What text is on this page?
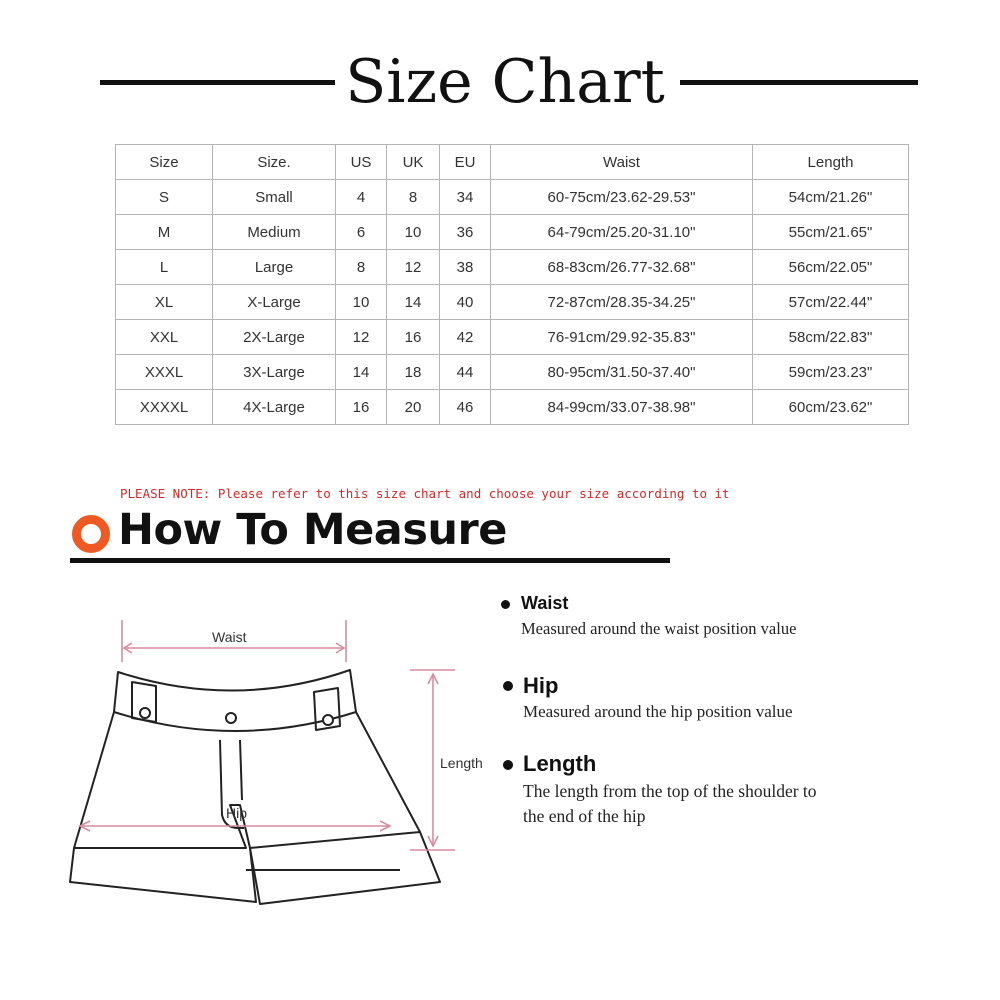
Size Chart
Size	Size.	US	UK	EU	Waist	Length
S	Small	4	8	34	60-75cm/23.62-29.53"	54cm/21.26"
M	Medium	6	10	36	64-79cm/25.20-31.10"	55cm/21.65"
L	Large	8	12	38	68-83cm/26.77-32.68"	56cm/22.05"
XL	X-Large	10	14	40	72-87cm/28.35-34.25"	57cm/22.44"
XXL	2X-Large	12	16	42	76-91cm/29.92-35.83"	58cm/22.83"
XXXL	3X-Large	14	18	44	80-95cm/31.50-37.40"	59cm/23.23"
XXXXL	4X-Large	16	20	46	84-99cm/33.07-38.98"	60cm/23.62"
PLEASE NOTE: Please refer to this size chart and choose your size according to it
How To Measure
Waist
Hip
Length
Waist
Measured around the waist position value
Hip
Measured around the hip position value
Length
The length from the top of the shoulder to
the end of the hip
